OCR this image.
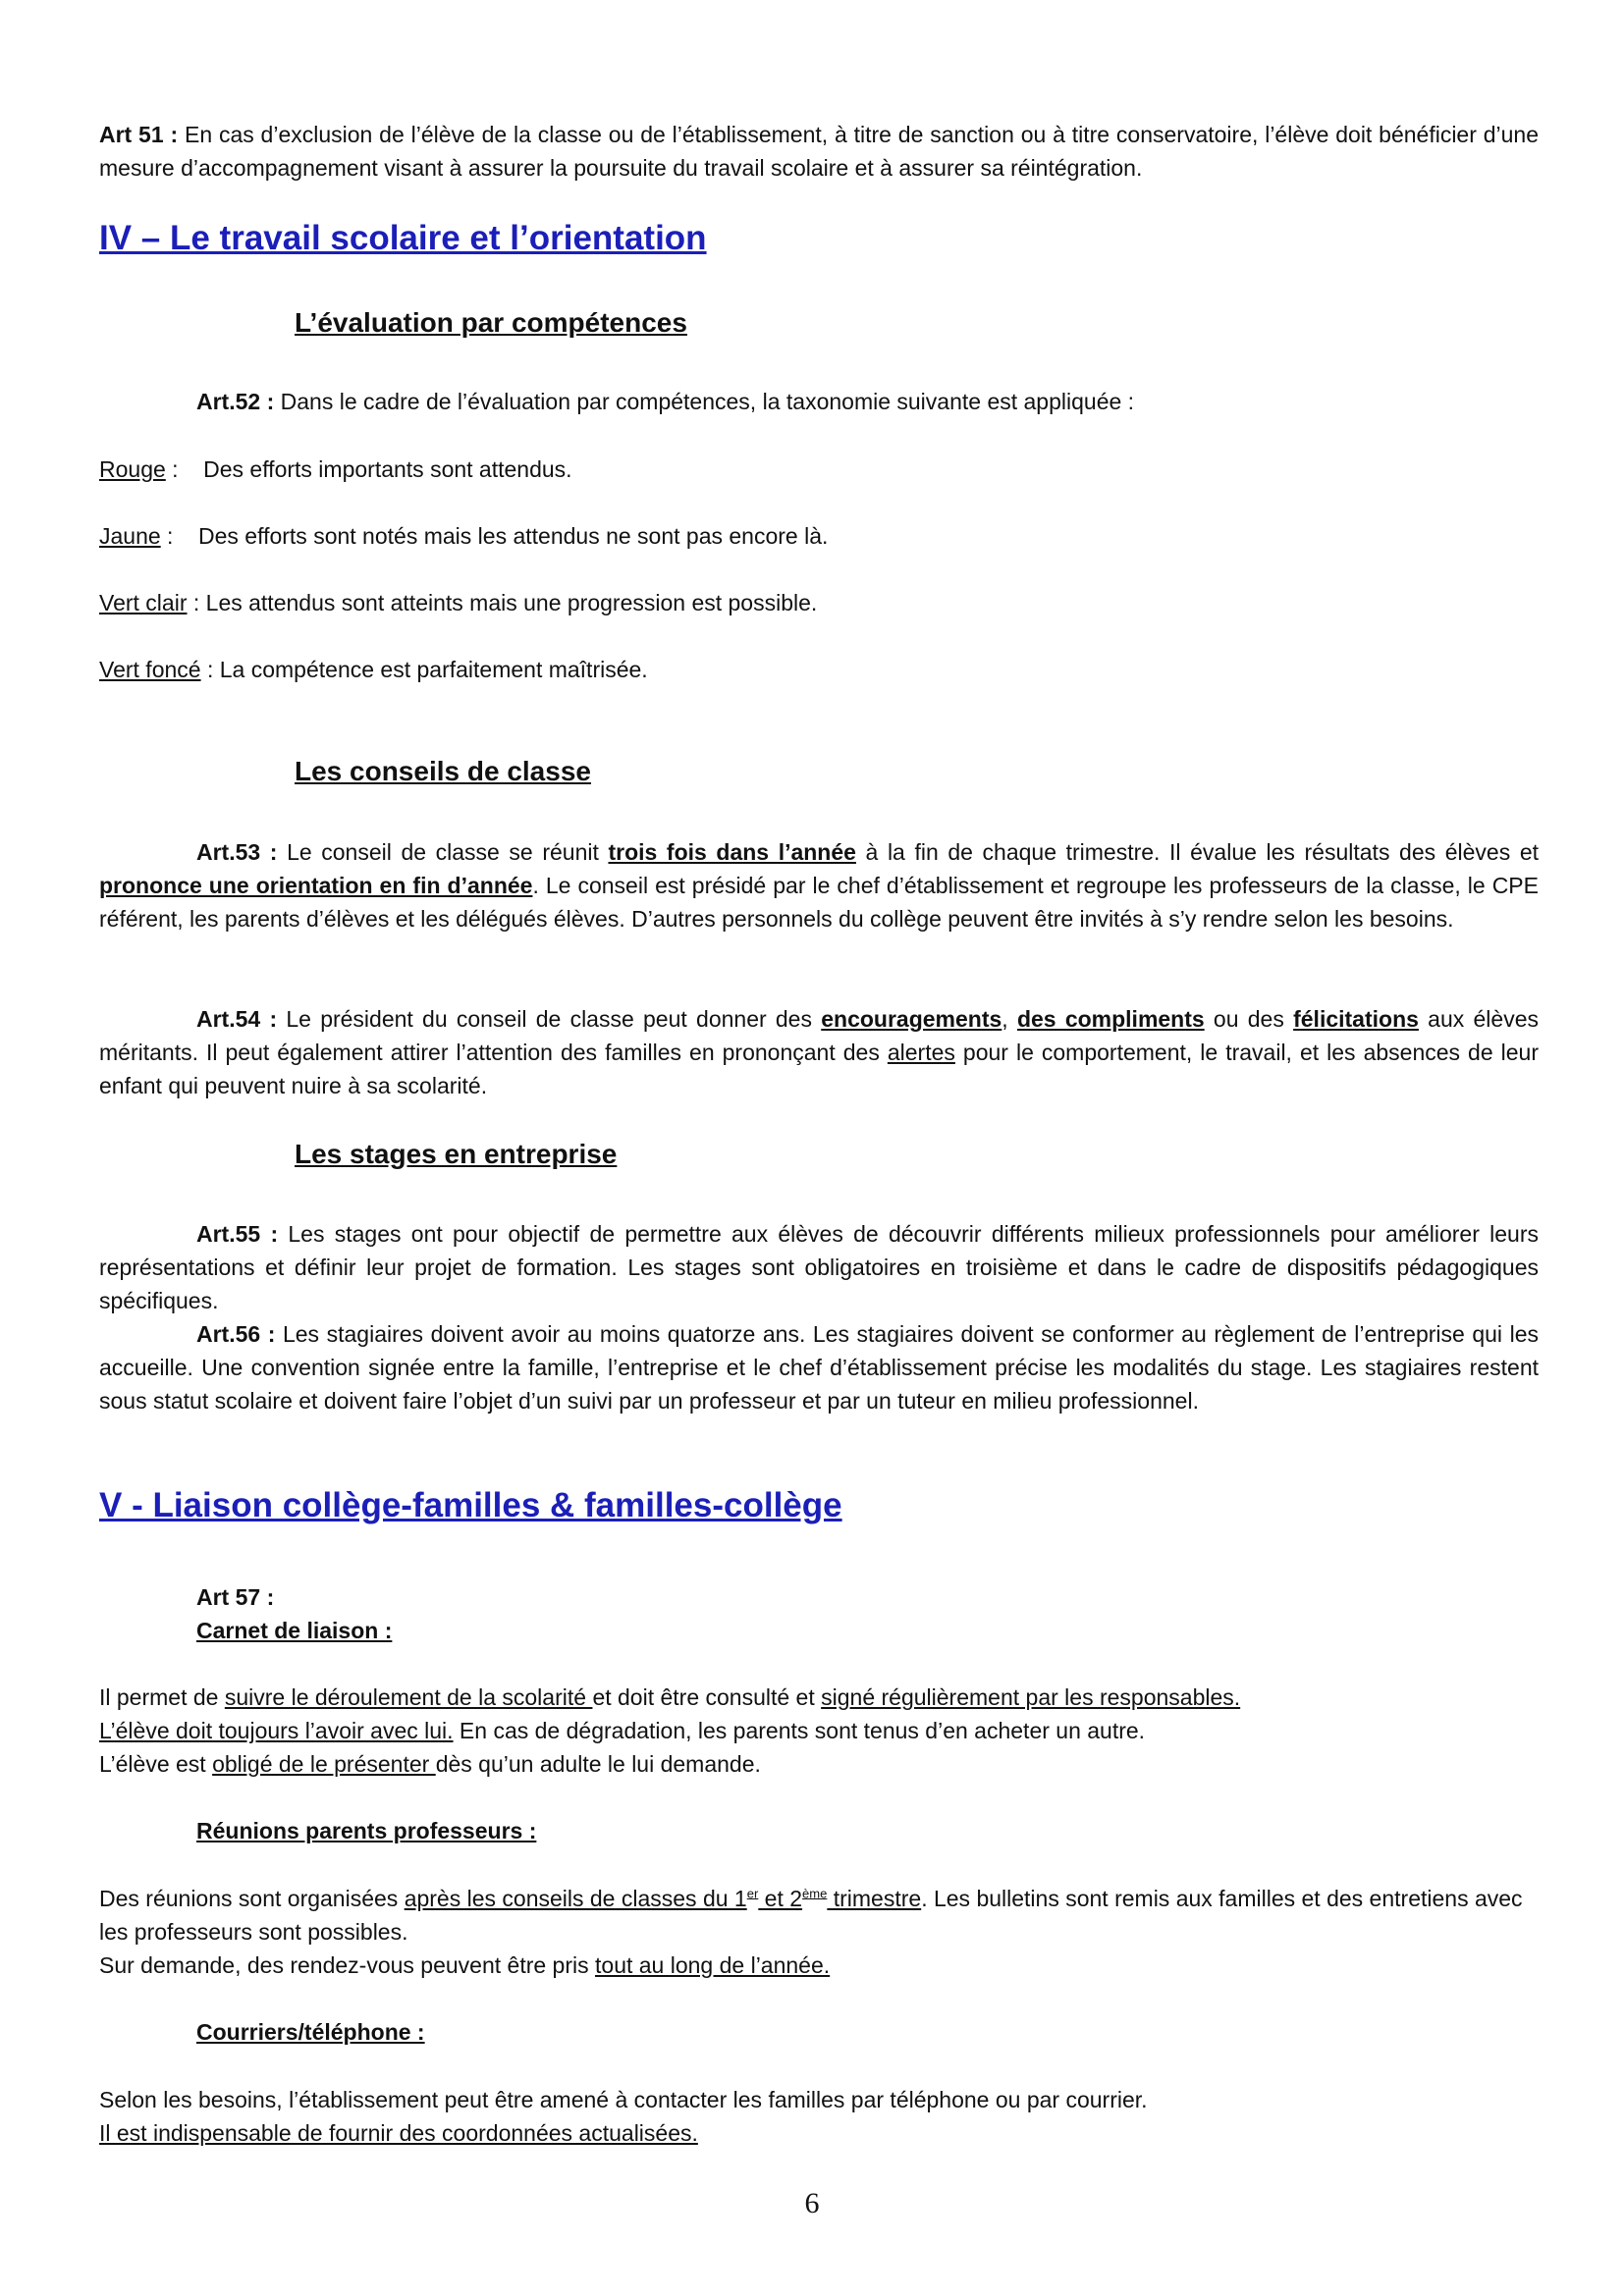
Art 51 : En cas d’exclusion de l’élève de la classe ou de l’établissement, à titre de sanction ou à titre conservatoire, l’élève doit bénéficier d’une mesure d’accompagnement visant à assurer la poursuite du travail scolaire et à assurer sa réintégration.

IV – Le travail scolaire et l’orientation
L’évaluation par compétences

Art.52 : Dans le cadre de l’évaluation par compétences, la taxonomie suivante est appliquée :

Rouge :    Des efforts importants sont attendus.

Jaune :    Des efforts sont notés mais les attendus ne sont pas encore là.

Vert clair : Les attendus sont atteints mais une progression est possible.

Vert foncé : La compétence est parfaitement maîtrisée.

Les conseils de classe

Art.53 : Le conseil de classe se réunit trois fois dans l’année à la fin de chaque trimestre. Il évalue les résultats des élèves et prononce une orientation en fin d’année. Le conseil est présidé par le chef d’établissement et regroupe les professeurs de la classe, le CPE référent, les parents d’élèves et les délégués élèves. D’autres personnels du collège peuvent être invités à s’y rendre selon les besoins.

Art.54 : Le président du conseil de classe peut donner des encouragements, des compliments ou des félicitations aux élèves méritants. Il peut également attirer l’attention des familles en prononçant des alertes pour le comportement, le travail, et les absences de leur enfant qui peuvent nuire à sa scolarité.

Les stages en entreprise

Art.55 : Les stages ont pour objectif de permettre aux élèves de découvrir différents milieux professionnels pour améliorer leurs représentations et définir leur projet de formation. Les stages sont obligatoires en troisième et dans le cadre de dispositifs pédagogiques spécifiques.

Art.56 : Les stagiaires doivent avoir au moins quatorze ans. Les stagiaires doivent se conformer au règlement de l’entreprise qui les accueille. Une convention signée entre la famille, l’entreprise et le chef d’établissement précise les modalités du stage. Les stagiaires restent sous statut scolaire et doivent faire l’objet d’un suivi par un professeur et par un tuteur en milieu professionnel.

V - Liaison collège-familles & familles-collège

Art 57 :

Carnet de liaison :

Il permet de suivre le déroulement de la scolarité et doit être consulté et signé régulièrement par les responsables.

L’élève doit toujours l’avoir avec lui. En cas de dégradation, les parents sont tenus d’en acheter un autre.

L’élève est obligé de le présenter dès qu’un adulte le lui demande.

Réunions parents professeurs :

Des réunions sont organisées après les conseils de classes du 1er et 2ème trimestre. Les bulletins sont remis aux familles et des entretiens avec les professeurs sont possibles.

Sur demande, des rendez-vous peuvent être pris tout au long de l’année.

Courriers/téléphone :

Selon les besoins, l’établissement peut être amené à contacter les familles par téléphone ou par courrier.

Il est indispensable de fournir des coordonnées actualisées.

6
